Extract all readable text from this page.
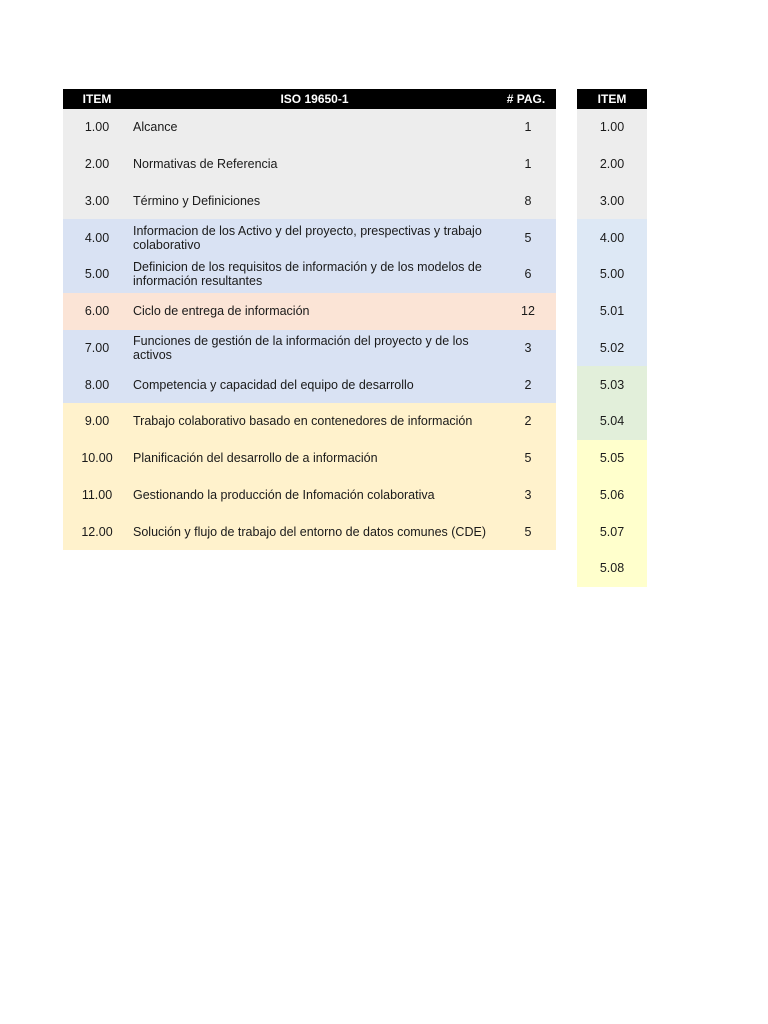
ITEM	ISO 19650-1	# PAG.
1.00	Alcance	1
2.00	Normativas de Referencia	1
3.00	Término y Definiciones	8
4.00	Informacion de los Activo y del proyecto, prespectivas y trabajo colaborativo	5
5.00	Definicion de los requisitos de información y de los modelos de información resultantes	6
6.00	Ciclo de entrega de información	12
7.00	Funciones de gestión de la información del proyecto y de los activos	3
8.00	Competencia y capacidad del equipo de desarrollo	2
9.00	Trabajo colaborativo basado en contenedores de información	2
10.00	Planificación del desarrollo de a información	5
11.00	Gestionando la producción de Infomación colaborativa	3
12.00	Solución y flujo de trabajo del entorno de datos comunes (CDE)	5
ITEM
1.00
2.00
3.00
4.00
5.00
5.01
5.02
5.03
5.04
5.05
5.06
5.07
5.08
